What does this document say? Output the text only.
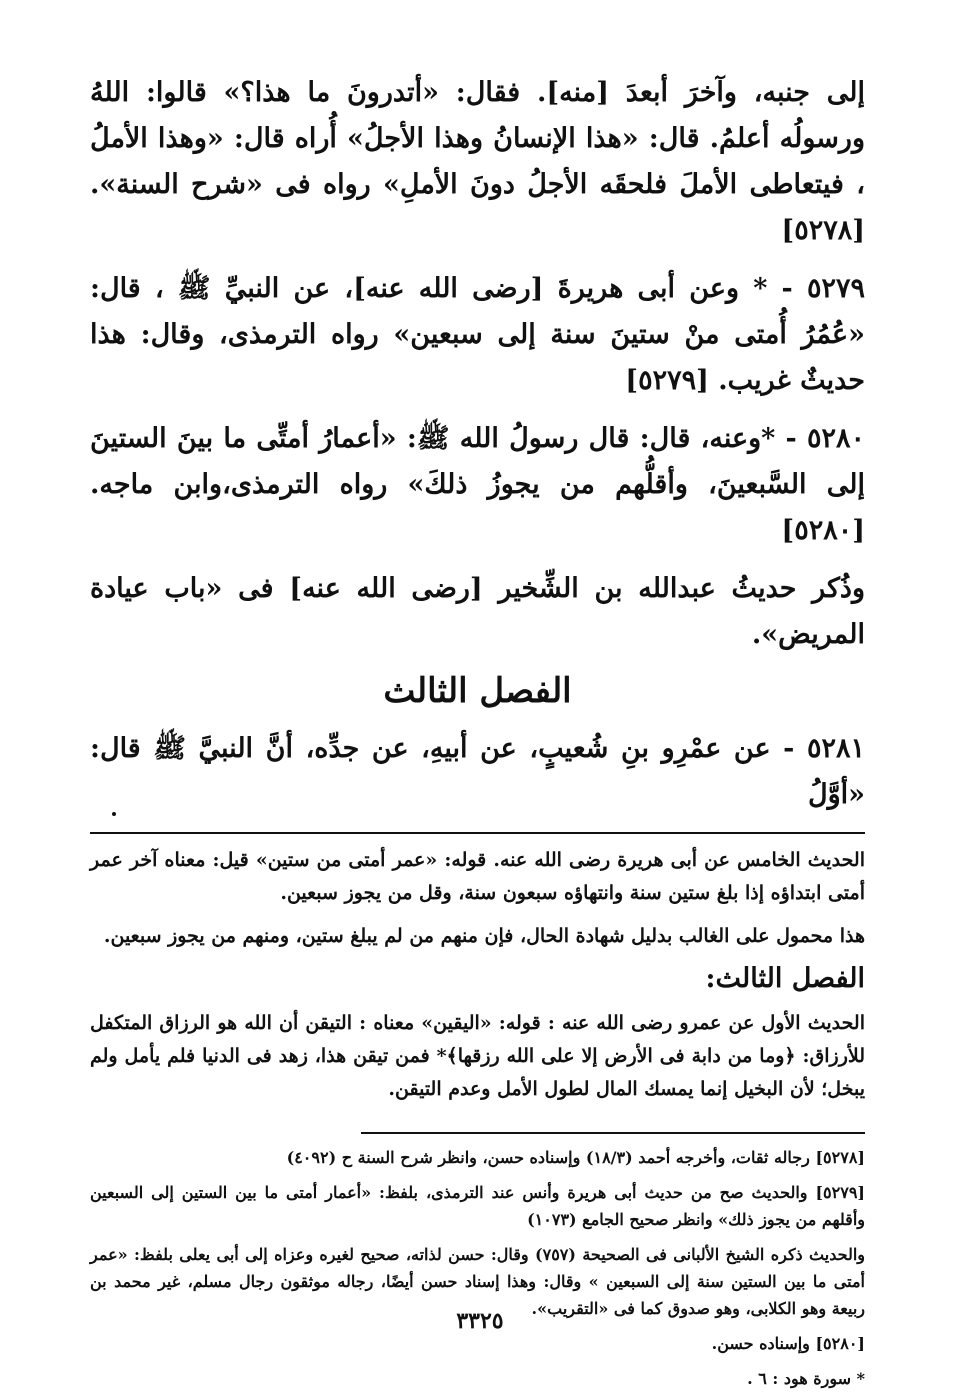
إلى جنبه، وآخرَ أبعدَ [منه]. فقال: «أتدرونَ ما هذا؟» قالوا: اللهُ ورسولُه أعلمُ. قال: «هذا الإنسانُ وهذا الأجلُ» أُراه قال: «وهذا الأملُ ، فيتعاطى الأملَ فلحقَه الأجلُ دونَ الأملِ» رواه فى «شرح السنة». [٥٢٧٨]

٥٢٧٩ - * وعن أبى هريرةَ [رضى الله عنه]، عن النبيِّ ﷺ ، قال: «عُمُرُ أُمتى منْ ستينَ سنة إلى سبعين» رواه الترمذى، وقال: هذا حديثٌ غريب. [٥٢٧٩]

٥٢٨٠ - *وعنه، قال: قال رسولُ الله ﷺ: «أعمارُ أمتِّى ما بينَ الستينَ إلى السَّبعينَ، وأقلُّهم من يجوزُ ذلكَ» رواه الترمذى،وابن ماجه. [٥٢٨٠]

وذُكر حديثُ عبدالله بن الشِّخير [رضى الله عنه] فى «باب عيادة المريض».

الفصل الثالث

٥٢٨١ - عن عمْرِو بنِ شُعيبٍ، عن أبيهِ، عن جدِّه، أنَّ النبيَّ ﷺ قال: «أوَّلُ

الحديث الخامس عن أبى هريرة رضى الله عنه. قوله: «عمر أمتى من ستين» قيل: معناه آخر عمر أمتى ابتداؤه إذا بلغ ستين سنة وانتهاؤه سبعون سنة، وقل من يجوز سبعين.

هذا محمول على الغالب بدليل شهادة الحال، فإن منهم من لم يبلغ ستين، ومنهم من يجوز سبعين.

الفصل الثالث:

الحديث الأول عن عمرو رضى الله عنه : قوله: «اليقين» معناه : التيقن أن الله هو الرزاق المتكفل للأرزاق: ﴿وما من دابة فى الأرض إلا على الله رزقها﴾* فمن تيقن هذا، زهد فى الدنيا فلم يأمل ولم يبخل؛ لأن البخيل إنما يمسك المال لطول الأمل وعدم التيقن.

[٥٢٧٨] رجاله ثقات، وأخرجه أحمد (١٨/٣) وإسناده حسن، وانظر شرح السنة ح (٤٠٩٢)

[٥٢٧٩] والحديث صح من حديث أبى هريرة وأنس عند الترمذى، بلفظ: «أعمار أمتى ما بين الستين إلى السبعين وأقلهم من يجوز ذلك» وانظر صحيح الجامع (١٠٧٣)

والحديث ذكره الشيخ الألبانى فى الصحيحة (٧٥٧) وقال: حسن لذاته، صحيح لغيره وعزاه إلى أبى يعلى بلفظ: «عمر أمتى ما بين الستين سنة إلى السبعين » وقال: وهذا إسناد حسن أيضًا، رجاله موثقون رجال مسلم، غير محمد بن ربيعة وهو الكلابى، وهو صدوق كما فى «التقريب».

[٥٢٨٠] وإسناده حسن.

* سورة هود : ٦ .

٣٣٢٥
